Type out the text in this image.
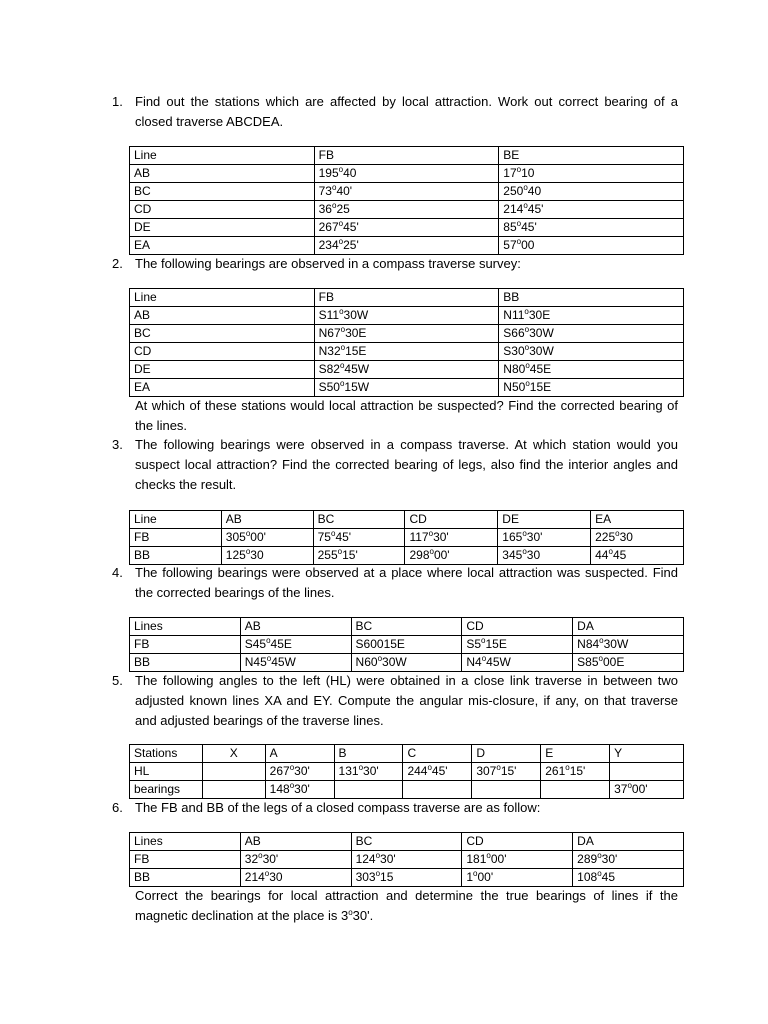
1. Find out the stations which are affected by local attraction. Work out correct bearing of a closed traverse ABCDEA.
Line	FB	BE
AB	195$^o$40	17$^o$10
BC	73$^o$40'	250$^o$40
CD	36$^o$25	214$^o$45'
DE	267$^o$45'	85$^o$45'
EA	234$^o$25'	57$^o$00
2. The following bearings are observed in a compass traverse survey:
Line	FB	BB
AB	S11$^o$30W	N11$^o$30E
BC	N67$^o$30E	S66$^o$30W
CD	N32$^o$15E	S30$^o$30W
DE	S82$^o$45W	N80$^o$45E
EA	S50$^o$15W	N50$^o$15E
At which of these stations would local attraction be suspected? Find the corrected bearing of the lines.
3. The following bearings were observed in a compass traverse. At which station would you suspect local attraction? Find the corrected bearing of legs, also find the interior angles and checks the result.
Line	AB	BC	CD	DE	EA
FB	305$^o$00'	75$^o$45'	117$^o$30'	165$^o$30'	225$^o$30
BB	125$^o$30	255$^o$15'	298$^o$00'	345$^o$30	44$^o$45
4. The following bearings were observed at a place where local attraction was suspected. Find the corrected bearings of the lines.
Lines	AB	BC	CD	DA
FB	S45$^o$45E	S60015E	S5$^o$15E	N84$^o$30W
BB	N45$^o$45W	N60$^o$30W	N4$^o$45W	S85$^o$00E
5. The following angles to the left (HL) were obtained in a close link traverse in between two adjusted known lines XA and EY. Compute the angular mis-closure, if any, on that traverse and adjusted bearings of the traverse lines.
Stations	X	A	B	C	D	E	Y
HL		267$^o$30'	131$^o$30'	244$^o$45'	307$^o$15'	261$^o$15'	
bearings		148$^o$30'					37$^o$00'
6. The FB and BB of the legs of a closed compass traverse are as follow:
Lines	AB	BC	CD	DA
FB	32$^o$30'	124$^o$30'	181$^o$00'	289$^o$30'
BB	214$^o$30	303$^o$15	1$^o$00'	108$^o$45
Correct the bearings for local attraction and determine the true bearings of lines if the magnetic declination at the place is 3$^o$30'.
